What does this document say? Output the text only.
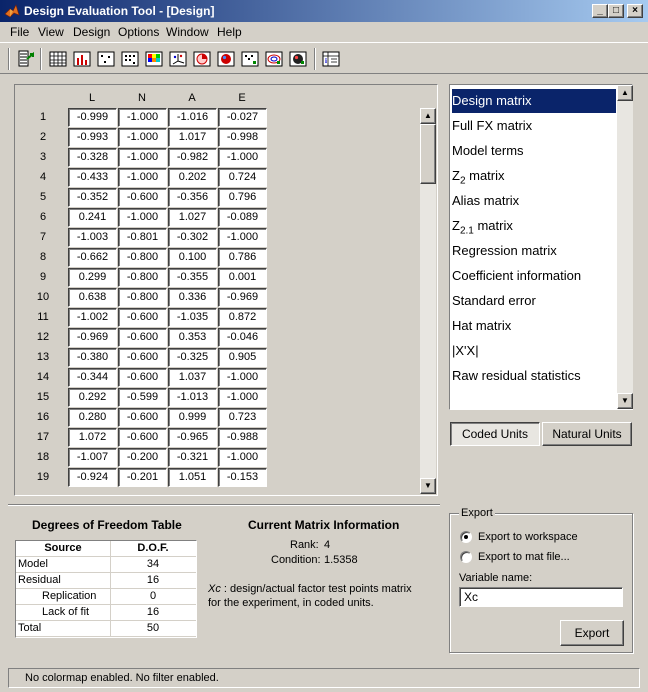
Design Evaluation Tool - [Design]	_	□	×
File View Design Options Window Help
i
L	N	A	E
1	-0.999	-1.000	-1.016	-0.027
2	-0.993	-1.000	1.017	-0.998
3	-0.328	-1.000	-0.982	-1.000
4	-0.433	-1.000	0.202	0.724
5	-0.352	-0.600	-0.356	0.796
6	0.241	-1.000	1.027	-0.089
7	-1.003	-0.801	-0.302	-1.000
8	-0.662	-0.800	0.100	0.786
9	0.299	-0.800	-0.355	0.001
10	0.638	-0.800	0.336	-0.969
11	-1.002	-0.600	-1.035	0.872
12	-0.969	-0.600	0.353	-0.046
13	-0.380	-0.600	-0.325	0.905
14	-0.344	-0.600	1.037	-1.000
15	0.292	-0.599	-1.013	-1.000
16	0.280	-0.600	0.999	0.723
17	1.072	-0.600	-0.965	-0.988
18	-1.007	-0.200	-0.321	-1.000
19	-0.924	-0.201	1.051	-0.153
▲
▼
Design matrix
Full FX matrix
Model terms
$Z_2$ matrix
Alias matrix
$Z_{2.1}$ matrix
Regression matrix
Coefficient information
Standard error
Hat matrix
|X'X|
Raw residual statistics
▲
▼
Coded Units	Natural Units
Degrees of Freedom Table
Source	D.O.F.
Model	34
Residual	16
Replication	0
Lack of fit	16
Total	50
Current Matrix Information
Rank: 4
Condition: 1.5358
Xc : design/actual factor test points matrix
for the experiment, in coded units.
Export
Export to workspace
Export to mat file...
Variable name:
Xc
Export
No colormap enabled. No filter enabled.
